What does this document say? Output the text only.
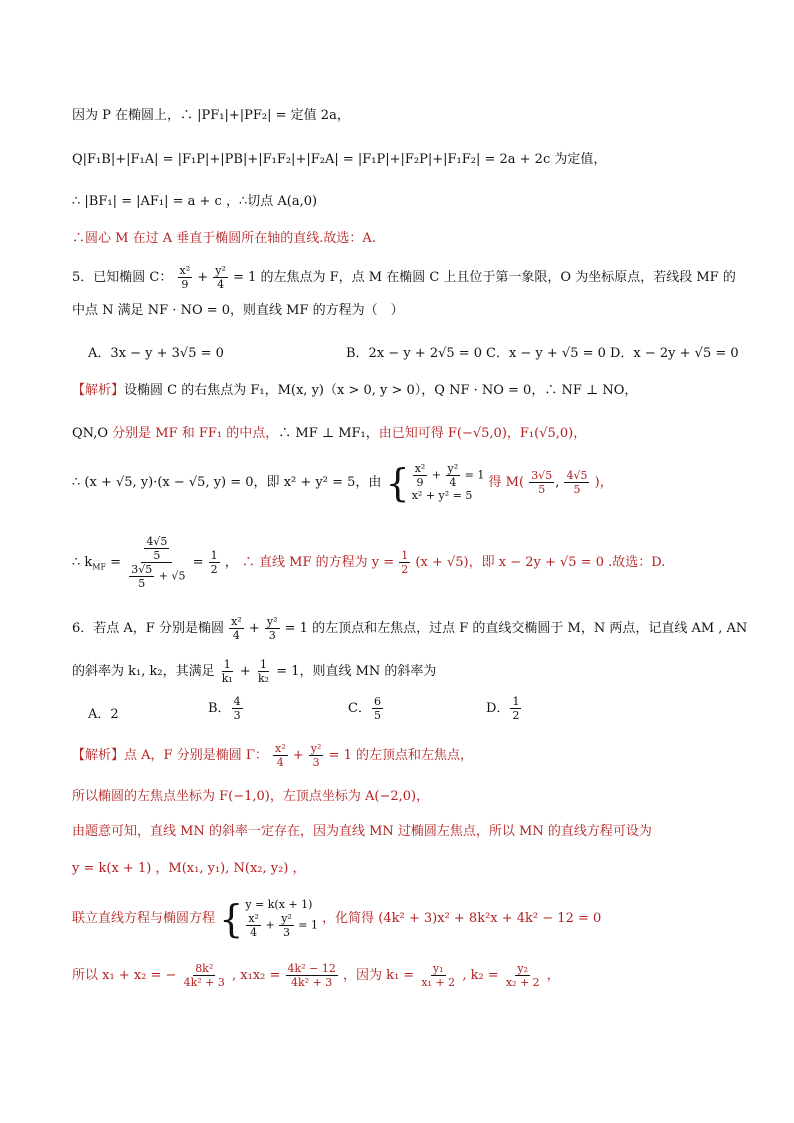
因为 P 在椭圆上，∴ |PF₁|+|PF₂| = 定值 2a，
Q|F₁B|+|F₁A| = |F₁P|+|PB|+|F₁F₂|+|F₂A| = |F₁P|+|F₂P|+|F₁F₂| = 2a + 2c 为定值，
∴ |BF₁| = |AF₁| = a + c ，∴切点 A(a,0)
∴圆心 M 在过 A 垂直于椭圆所在轴的直线.故选：A.
5．已知椭圆 C： $\frac{\text{x²}}{9} + \frac{\text{y²}}{4} = 1$ 的左焦点为 F，点 M 在椭圆 C 上且位于第一象限，O 为坐标原点，若线段 MF 的
中点 N 满足 NF · NO = 0，则直线 MF 的方程为（　）
A．3x − y + 3√5 = 0	B．2x − y + 2√5 = 0 C．x − y + √5 = 0 D．x − 2y + √5 = 0
【解析】设椭圆 C 的右焦点为 F₁，M(x, y)（x > 0, y > 0），Q NF · NO = 0，∴ NF ⊥ NO，
QN,O 分别是 MF 和 FF₁ 的中点，∴ MF ⊥ MF₁，由已知可得 F(−√5,0)，F₁(√5,0)，
∴ (x + √5, y)·(x − √5, y) = 0，即 x² + y² = 5，由 { $\frac{\text{x²}}{9} + \frac{\text{y²}}{4} = 1$
x² + y² = 5
得 $M( \frac{3√5}{5}$ , $\frac{4√5}{5}$ )，
∴ $k_{MF} = \frac{\frac{4√5}{5}}{\frac{3√5}{5} + √5} = \frac{1}{2}$ ， ∴ 直线 MF 的方程为 $y = \frac{1}{2} (x + √5)$，即 x − 2y + √5 = 0 .故选：D.
6．若点 A，F 分别是椭圆 $\frac{\text{x²}}{4} + \frac{\text{y²}}{3} = 1$ 的左顶点和左焦点，过点 F 的直线交椭圆于 M，N 两点，记直线 AM , AN
的斜率为 k₁, k₂，其满足 $\frac{1}{\text{k₁}} + \frac{1}{\text{k₂}} = 1$，则直线 MN 的斜率为
A．2	B． $\frac{4}{3}$	C． $\frac{6}{5}$	D． $\frac{1}{2}$
【解析】点 A，F 分别是椭圆 Γ： $\frac{\text{x²}}{4} + \frac{\text{y²}}{3} = 1$ 的左顶点和左焦点，
所以椭圆的左焦点坐标为 F(−1,0)，左顶点坐标为 A(−2,0)，
由题意可知，直线 MN 的斜率一定存在，因为直线 MN 过椭圆左焦点，所以 MN 的直线方程可设为
y = k(x + 1) ，M(x₁, y₁), N(x₂, y₂) ，
联立直线方程与椭圆方程 { y = k(x + 1)
$\frac{\text{x²}}{4} + \frac{\text{y²}}{3} = 1$ ，化简得 (4k² + 3)x² + 8k²x + 4k² − 12 = 0
所以 x₁ + x₂ = − $\frac{\text{8k²}}{\text{4k² + 3}}$ , $x_1x_2 = \frac{\text{4k² − 12}}{\text{4k² + 3}}$ ，因为 $k_1 = \frac{\text{y₁}}{\text{x₁ + 2}}$ , $k_2 = \frac{\text{y₂}}{\text{x₂ + 2}}$ ，
